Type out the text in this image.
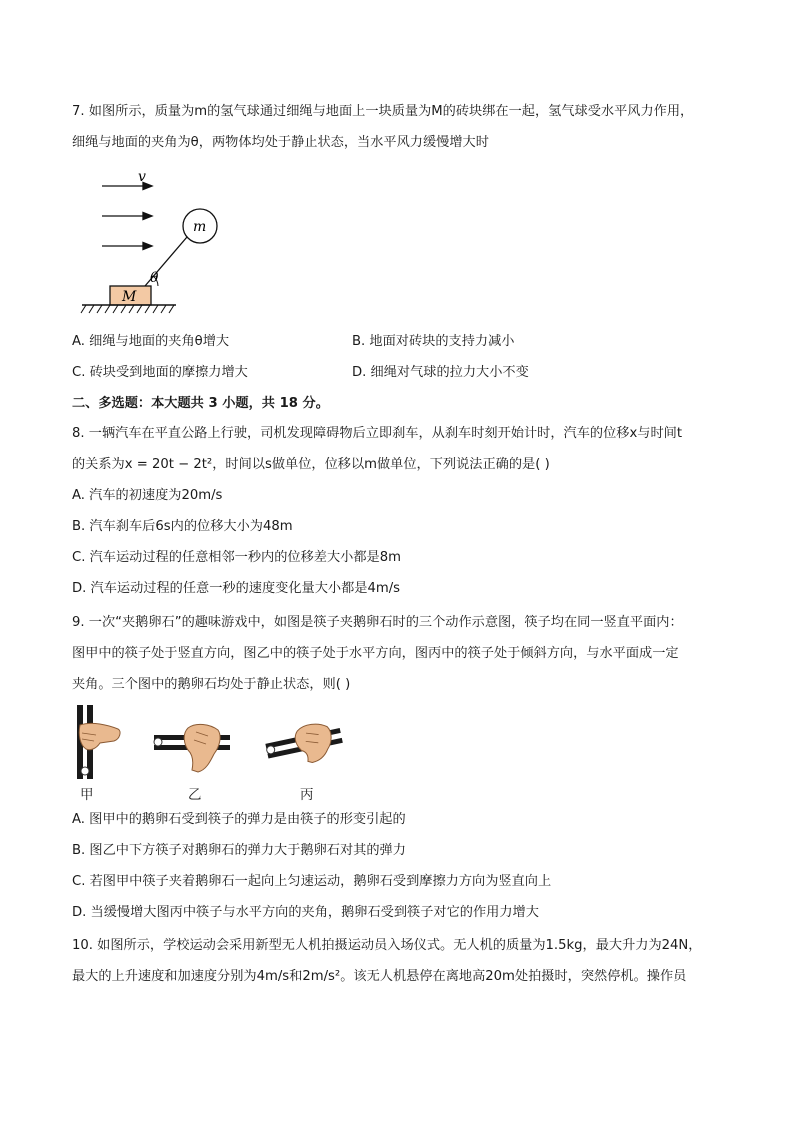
7. 如图所示，质量为m的氢气球通过细绳与地面上一块质量为M的砖块绑在一起，氢气球受水平风力作用，
细绳与地面的夹角为θ，两物体均处于静止状态，当水平风力缓慢增大时
v
m
θ
M
A. 细绳与地面的夹角θ增大	B. 地面对砖块的支持力减小
C. 砖块受到地面的摩擦力增大	D. 细绳对气球的拉力大小不变
二、多选题：本大题共 3 小题，共 18 分。
8. 一辆汽车在平直公路上行驶，司机发现障碍物后立即刹车，从刹车时刻开始计时，汽车的位移x与时间t
的关系为x = 20t − 2t²，时间以s做单位，位移以m做单位，下列说法正确的是( )
A. 汽车的初速度为20m/s
B. 汽车刹车后6s内的位移大小为48m
C. 汽车运动过程的任意相邻一秒内的位移差大小都是8m
D. 汽车运动过程的任意一秒的速度变化量大小都是4m/s
9. 一次“夹鹅卵石”的趣味游戏中，如图是筷子夹鹅卵石时的三个动作示意图，筷子均在同一竖直平面内：
图甲中的筷子处于竖直方向，图乙中的筷子处于水平方向，图丙中的筷子处于倾斜方向，与水平面成一定
夹角。三个图中的鹅卵石均处于静止状态，则( )
甲	乙	丙
A. 图甲中的鹅卵石受到筷子的弹力是由筷子的形变引起的
B. 图乙中下方筷子对鹅卵石的弹力大于鹅卵石对其的弹力
C. 若图甲中筷子夹着鹅卵石一起向上匀速运动，鹅卵石受到摩擦力方向为竖直向上
D. 当缓慢增大图丙中筷子与水平方向的夹角，鹅卵石受到筷子对它的作用力增大
10. 如图所示，学校运动会采用新型无人机拍摄运动员入场仪式。无人机的质量为1.5kg，最大升力为24N，
最大的上升速度和加速度分别为4m/s和2m/s²。该无人机悬停在离地高20m处拍摄时，突然停机。操作员
